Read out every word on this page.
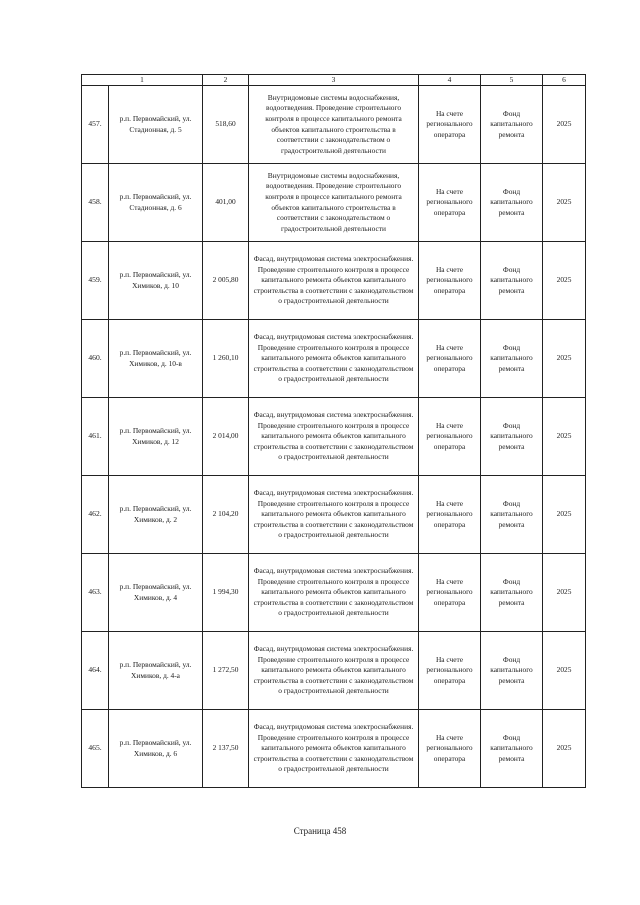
1		2	3	4	5	6
457.	р.п. Первомайский, ул. Стадионная, д. 5	518,60	Внутридомовые системы водоснабжения, водоотведения. Проведение строительного контроля в процессе капитального ремонта объектов капитального строительства в соответствии с законодательством о градостроительной деятельности	На счете регионального оператора	Фонд капитального ремонта	2025
458.	р.п. Первомайский, ул. Стадионная, д. 6	401,00	Внутридомовые системы водоснабжения, водоотведения. Проведение строительного контроля в процессе капитального ремонта объектов капитального строительства в соответствии с законодательством о градостроительной деятельности	На счете регионального оператора	Фонд капитального ремонта	2025
459.	р.п. Первомайский, ул. Химиков, д. 10	2 005,80	Фасад, внутридомовая система электроснабжения. Проведение строительного контроля в процессе капитального ремонта объектов капитального строительства в соответствии с законодательством о градостроительной деятельности	На счете регионального оператора	Фонд капитального ремонта	2025
460.	р.п. Первомайский, ул. Химиков, д. 10-в	1 260,10	Фасад, внутридомовая система электроснабжения. Проведение строительного контроля в процессе капитального ремонта объектов капитального строительства в соответствии с законодательством о градостроительной деятельности	На счете регионального оператора	Фонд капитального ремонта	2025
461.	р.п. Первомайский, ул. Химиков, д. 12	2 014,00	Фасад, внутридомовая система электроснабжения. Проведение строительного контроля в процессе капитального ремонта объектов капитального строительства в соответствии с законодательством о градостроительной деятельности	На счете регионального оператора	Фонд капитального ремонта	2025
462.	р.п. Первомайский, ул. Химиков, д. 2	2 104,20	Фасад, внутридомовая система электроснабжения. Проведение строительного контроля в процессе капитального ремонта объектов капитального строительства в соответствии с законодательством о градостроительной деятельности	На счете регионального оператора	Фонд капитального ремонта	2025
463.	р.п. Первомайский, ул. Химиков, д. 4	1 994,30	Фасад, внутридомовая система электроснабжения. Проведение строительного контроля в процессе капитального ремонта объектов капитального строительства в соответствии с законодательством о градостроительной деятельности	На счете регионального оператора	Фонд капитального ремонта	2025
464.	р.п. Первомайский, ул. Химиков, д. 4-а	1 272,50	Фасад, внутридомовая система электроснабжения. Проведение строительного контроля в процессе капитального ремонта объектов капитального строительства в соответствии с законодательством о градостроительной деятельности	На счете регионального оператора	Фонд капитального ремонта	2025
465.	р.п. Первомайский, ул. Химиков, д. 6	2 137,50	Фасад, внутридомовая система электроснабжения. Проведение строительного контроля в процессе капитального ремонта объектов капитального строительства в соответствии с законодательством о градостроительной деятельности	На счете регионального оператора	Фонд капитального ремонта	2025
Страница 458
